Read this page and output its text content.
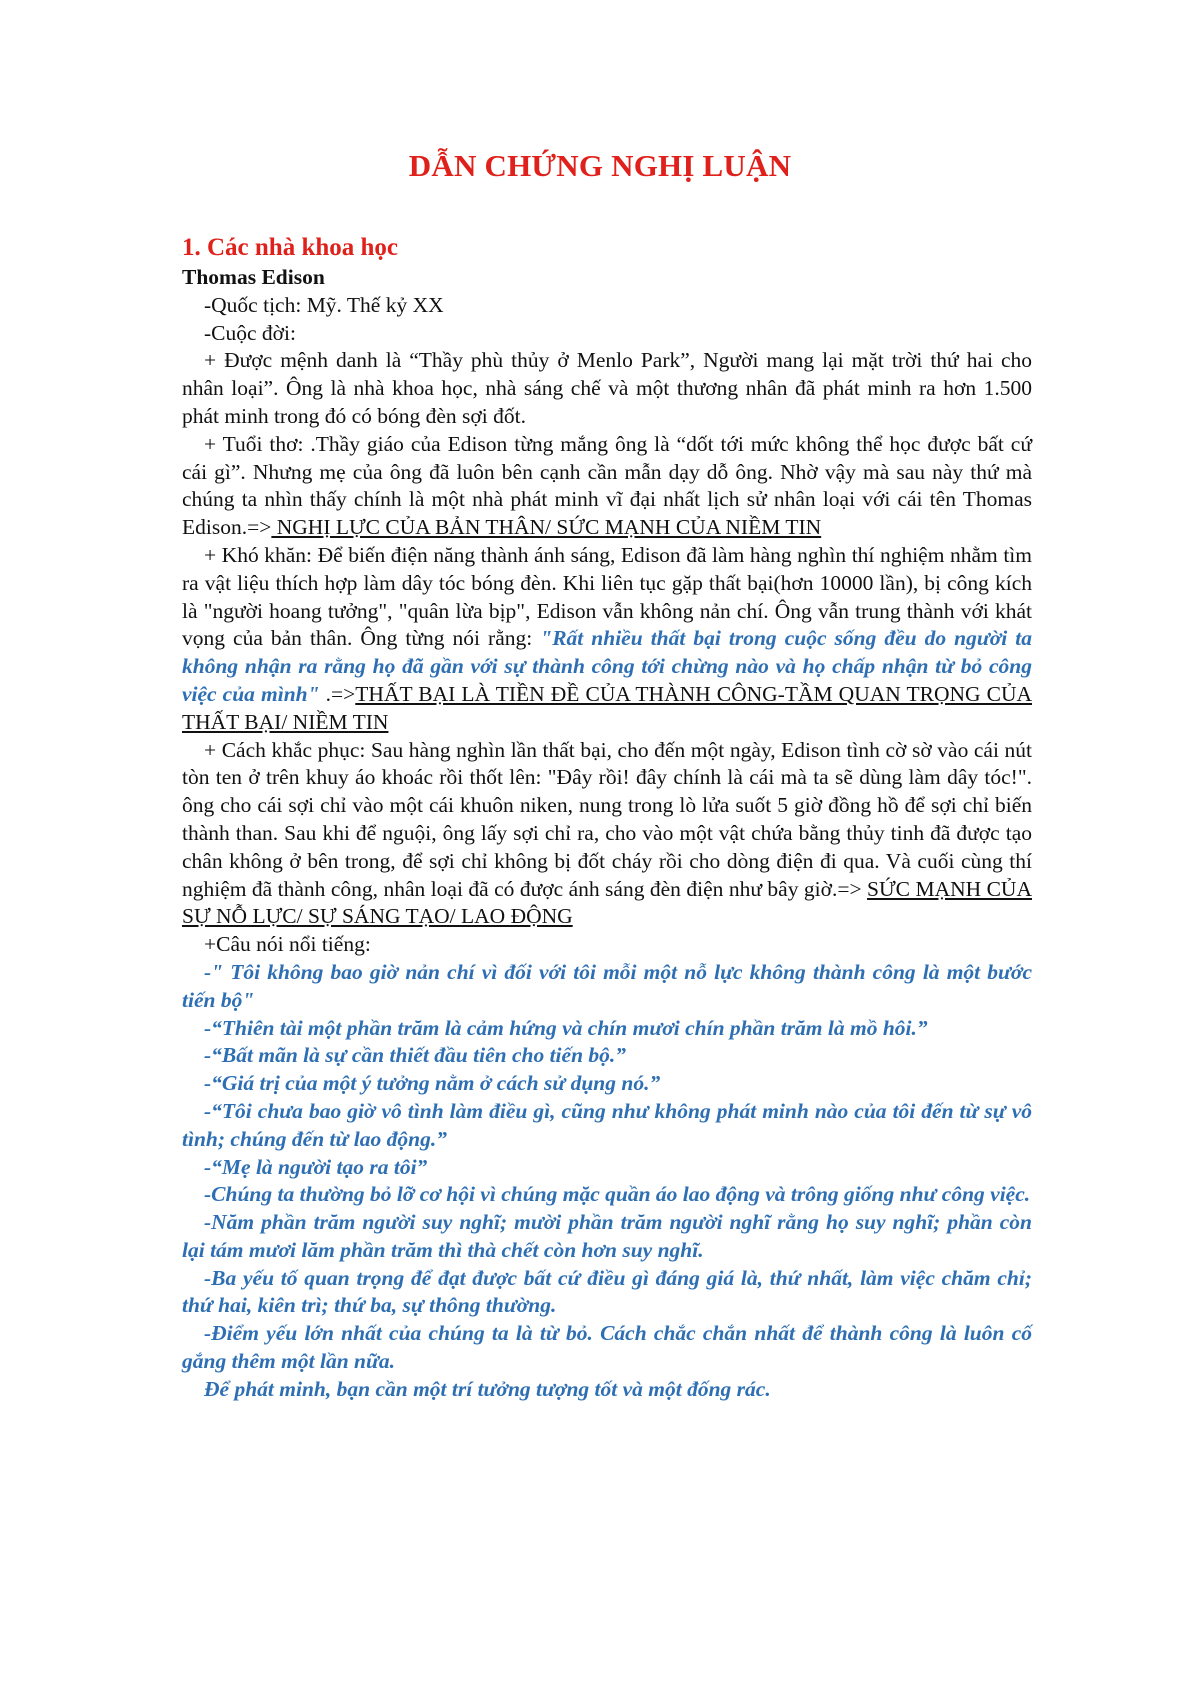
DẪN CHỨNG NGHỊ LUẬN
1. Các nhà khoa học
Thomas Edison

-Quốc tịch: Mỹ. Thế kỷ XX

-Cuộc đời:

+ Được mệnh danh là “Thầy phù thủy ở Menlo Park”, Người mang lại mặt trời thứ hai cho nhân loại”. Ông là nhà khoa học, nhà sáng chế và một thương nhân đã phát minh ra hơn 1.500 phát minh trong đó có bóng đèn sợi đốt.

+ Tuổi thơ: .Thầy giáo của Edison từng mắng ông là “dốt tới mức không thể học được bất cứ cái gì”. Nhưng mẹ của ông đã luôn bên cạnh cần mẫn dạy dỗ ông. Nhờ vậy mà sau này thứ mà chúng ta nhìn thấy chính là một nhà phát minh vĩ đại nhất lịch sử nhân loại với cái tên Thomas Edison.=> NGHỊ LỰC CỦA BẢN THÂN/ SỨC MẠNH CỦA NIỀM TIN

+ Khó khăn: Để biến điện năng thành ánh sáng, Edison đã làm hàng nghìn thí nghiệm nhằm tìm ra vật liệu thích hợp làm dây tóc bóng đèn. Khi liên tục gặp thất bại(hơn 10000 lần), bị công kích là "người hoang tưởng", "quân lừa bịp", Edison vẫn không nản chí. Ông vẫn trung thành với khát vọng của bản thân. Ông từng nói rằng: "Rất nhiều thất bại trong cuộc sống đều do người ta không nhận ra rằng họ đã gần với sự thành công tới chừng nào và họ chấp nhận từ bỏ công việc của mình" .=>THẤT BẠI LÀ TIỀN ĐỀ CỦA THÀNH CÔNG-TẦM QUAN TRỌNG CỦA THẤT BẠI/ NIỀM TIN

+ Cách khắc phục: Sau hàng nghìn lần thất bại, cho đến một ngày, Edison tình cờ sờ vào cái nút tòn ten ở trên khuy áo khoác rồi thốt lên: "Đây rồi! đây chính là cái mà ta sẽ dùng làm dây tóc!". ông cho cái sợi chỉ vào một cái khuôn niken, nung trong lò lửa suốt 5 giờ đồng hồ để sợi chỉ biến thành than. Sau khi để nguội, ông lấy sợi chỉ ra, cho vào một vật chứa bằng thủy tinh đã được tạo chân không ở bên trong, để sợi chỉ không bị đốt cháy rồi cho dòng điện đi qua. Và cuối cùng thí nghiệm đã thành công, nhân loại đã có được ánh sáng đèn điện như bây giờ.=> SỨC MẠNH CỦA SỰ NỖ LỰC/ SỰ SÁNG TẠO/ LAO ĐỘNG

+Câu nói nổi tiếng:

-" Tôi không bao giờ nản chí vì đối với tôi mỗi một nỗ lực không thành công là một bước tiến bộ"

-“Thiên tài một phần trăm là cảm hứng và chín mươi chín phần trăm là mồ hôi.”

-“Bất mãn là sự cần thiết đầu tiên cho tiến bộ.”

-“Giá trị của một ý tưởng nằm ở cách sử dụng nó.”

-“Tôi chưa bao giờ vô tình làm điều gì, cũng như không phát minh nào của tôi đến từ sự vô tình; chúng đến từ lao động.”

-“Mẹ là người tạo ra tôi”

-Chúng ta thường bỏ lỡ cơ hội vì chúng mặc quần áo lao động và trông giống như công việc.

-Năm phần trăm người suy nghĩ; mười phần trăm người nghĩ rằng họ suy nghĩ; phần còn lại tám mươi lăm phần trăm thì thà chết còn hơn suy nghĩ.

-Ba yếu tố quan trọng để đạt được bất cứ điều gì đáng giá là, thứ nhất, làm việc chăm chỉ; thứ hai, kiên trì; thứ ba, sự thông thường.

-Điểm yếu lớn nhất của chúng ta là từ bỏ. Cách chắc chắn nhất để thành công là luôn cố gắng thêm một lần nữa.

Để phát minh, bạn cần một trí tưởng tượng tốt và một đống rác.
